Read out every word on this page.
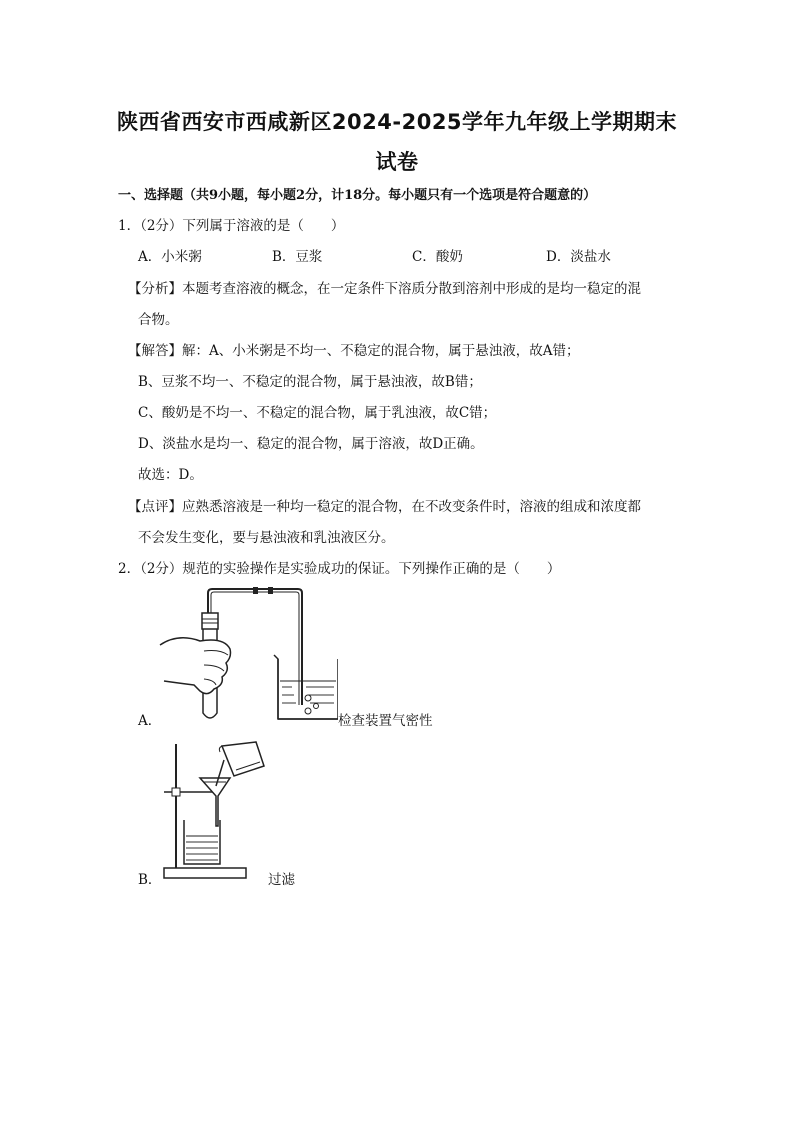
陕西省西安市西咸新区2024-2025学年九年级上学期期末
试卷
一、选择题（共9小题，每小题2分，计18分。每小题只有一个选项是符合题意的）
1．（2分）下列属于溶液的是（　　）
A．小米粥	B．豆浆	C．酸奶	D．淡盐水
【分析】本题考查溶液的概念，在一定条件下溶质分散到溶剂中形成的是均一稳定的混
合物。
【解答】解：A、小米粥是不均一、不稳定的混合物，属于悬浊液，故A错；
B、豆浆不均一、不稳定的混合物，属于悬浊液，故B错；
C、酸奶是不均一、不稳定的混合物，属于乳浊液，故C错；
D、淡盐水是均一、稳定的混合物，属于溶液，故D正确。
故选：D。
【点评】应熟悉溶液是一种均一稳定的混合物，在不改变条件时，溶液的组成和浓度都
不会发生变化，要与悬浊液和乳浊液区分。
2．（2分）规范的实验操作是实验成功的保证。下列操作正确的是（　　）
A．	检查装置气密性
B．	过滤
